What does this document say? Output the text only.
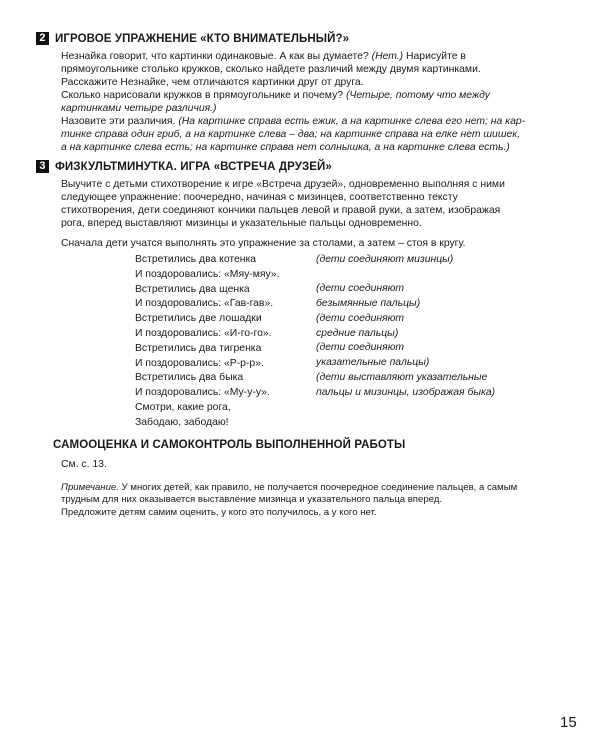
2 ИГРОВОЕ УПРАЖНЕНИЕ «КТО ВНИМАТЕЛЬНЫЙ?»
Незнайка говорит, что картинки одинаковые. А как вы думаете? (Нет.) Нарисуйте в
прямоугольнике столько кружков, сколько найдете различий между двумя картинками.
Расскажите Незнайке, чем отличаются картинки друг от друга.
Сколько нарисовали кружков в прямоугольнике и почему? (Четыре, потому что между
картинками четыре различия.)
Назовите эти различия. (На картинке справа есть ежик, а на картинке слева его нет; на кар-
тинке справа один гриб, а на картинке слева – два; на картинке справа на елке нет шишек,
а на картинке слева есть; на картинке справа нет солнышка, а на картинке слева есть.)
3 ФИЗКУЛЬТМИНУТКА. ИГРА «ВСТРЕЧА ДРУЗЕЙ»
Выучите с детьми стихотворение к игре «Встреча друзей», одновременно выполняя с ними
следующее упражнение: поочередно, начиная с мизинцев, соответственно тексту
стихотворения, дети соединяют кончики пальцев левой и правой руки, а затем, изображая
рога, вперед выставляют мизинцы и указательные пальцы одновременно.
Сначала дети учатся выполнять это упражнение за столами, а затем – стоя в кругу.
Встретились два котенка
И поздоровались: «Мяу-мяу».
Встретились два щенка
И поздоровались: «Гав-гав».
Встретились две лошадки
И поздоровались: «И-го-го».
Встретились два тигренка
И поздоровались: «Р-р-р».
Встретились два быка
И поздоровались: «Му-у-у».
Смотри, какие рога,
Забодаю, забодаю!
(дети соединяют мизинцы)
(дети соединяют
безымянные пальцы)
(дети соединяют
средние пальцы)
(дети соединяют
указательные пальцы)
(дети выставляют указательные
пальцы и мизинцы, изображая быка)
САМООЦЕНКА И САМОКОНТРОЛЬ ВЫПОЛНЕННОЙ РАБОТЫ
См. с. 13.
Примечание. У многих детей, как правило, не получается поочередное соединение пальцев, а самым
трудным для них оказывается выставление мизинца и указательного пальца вперед.
Предложите детям самим оценить, у кого это получилось, а у кого нет.
15
